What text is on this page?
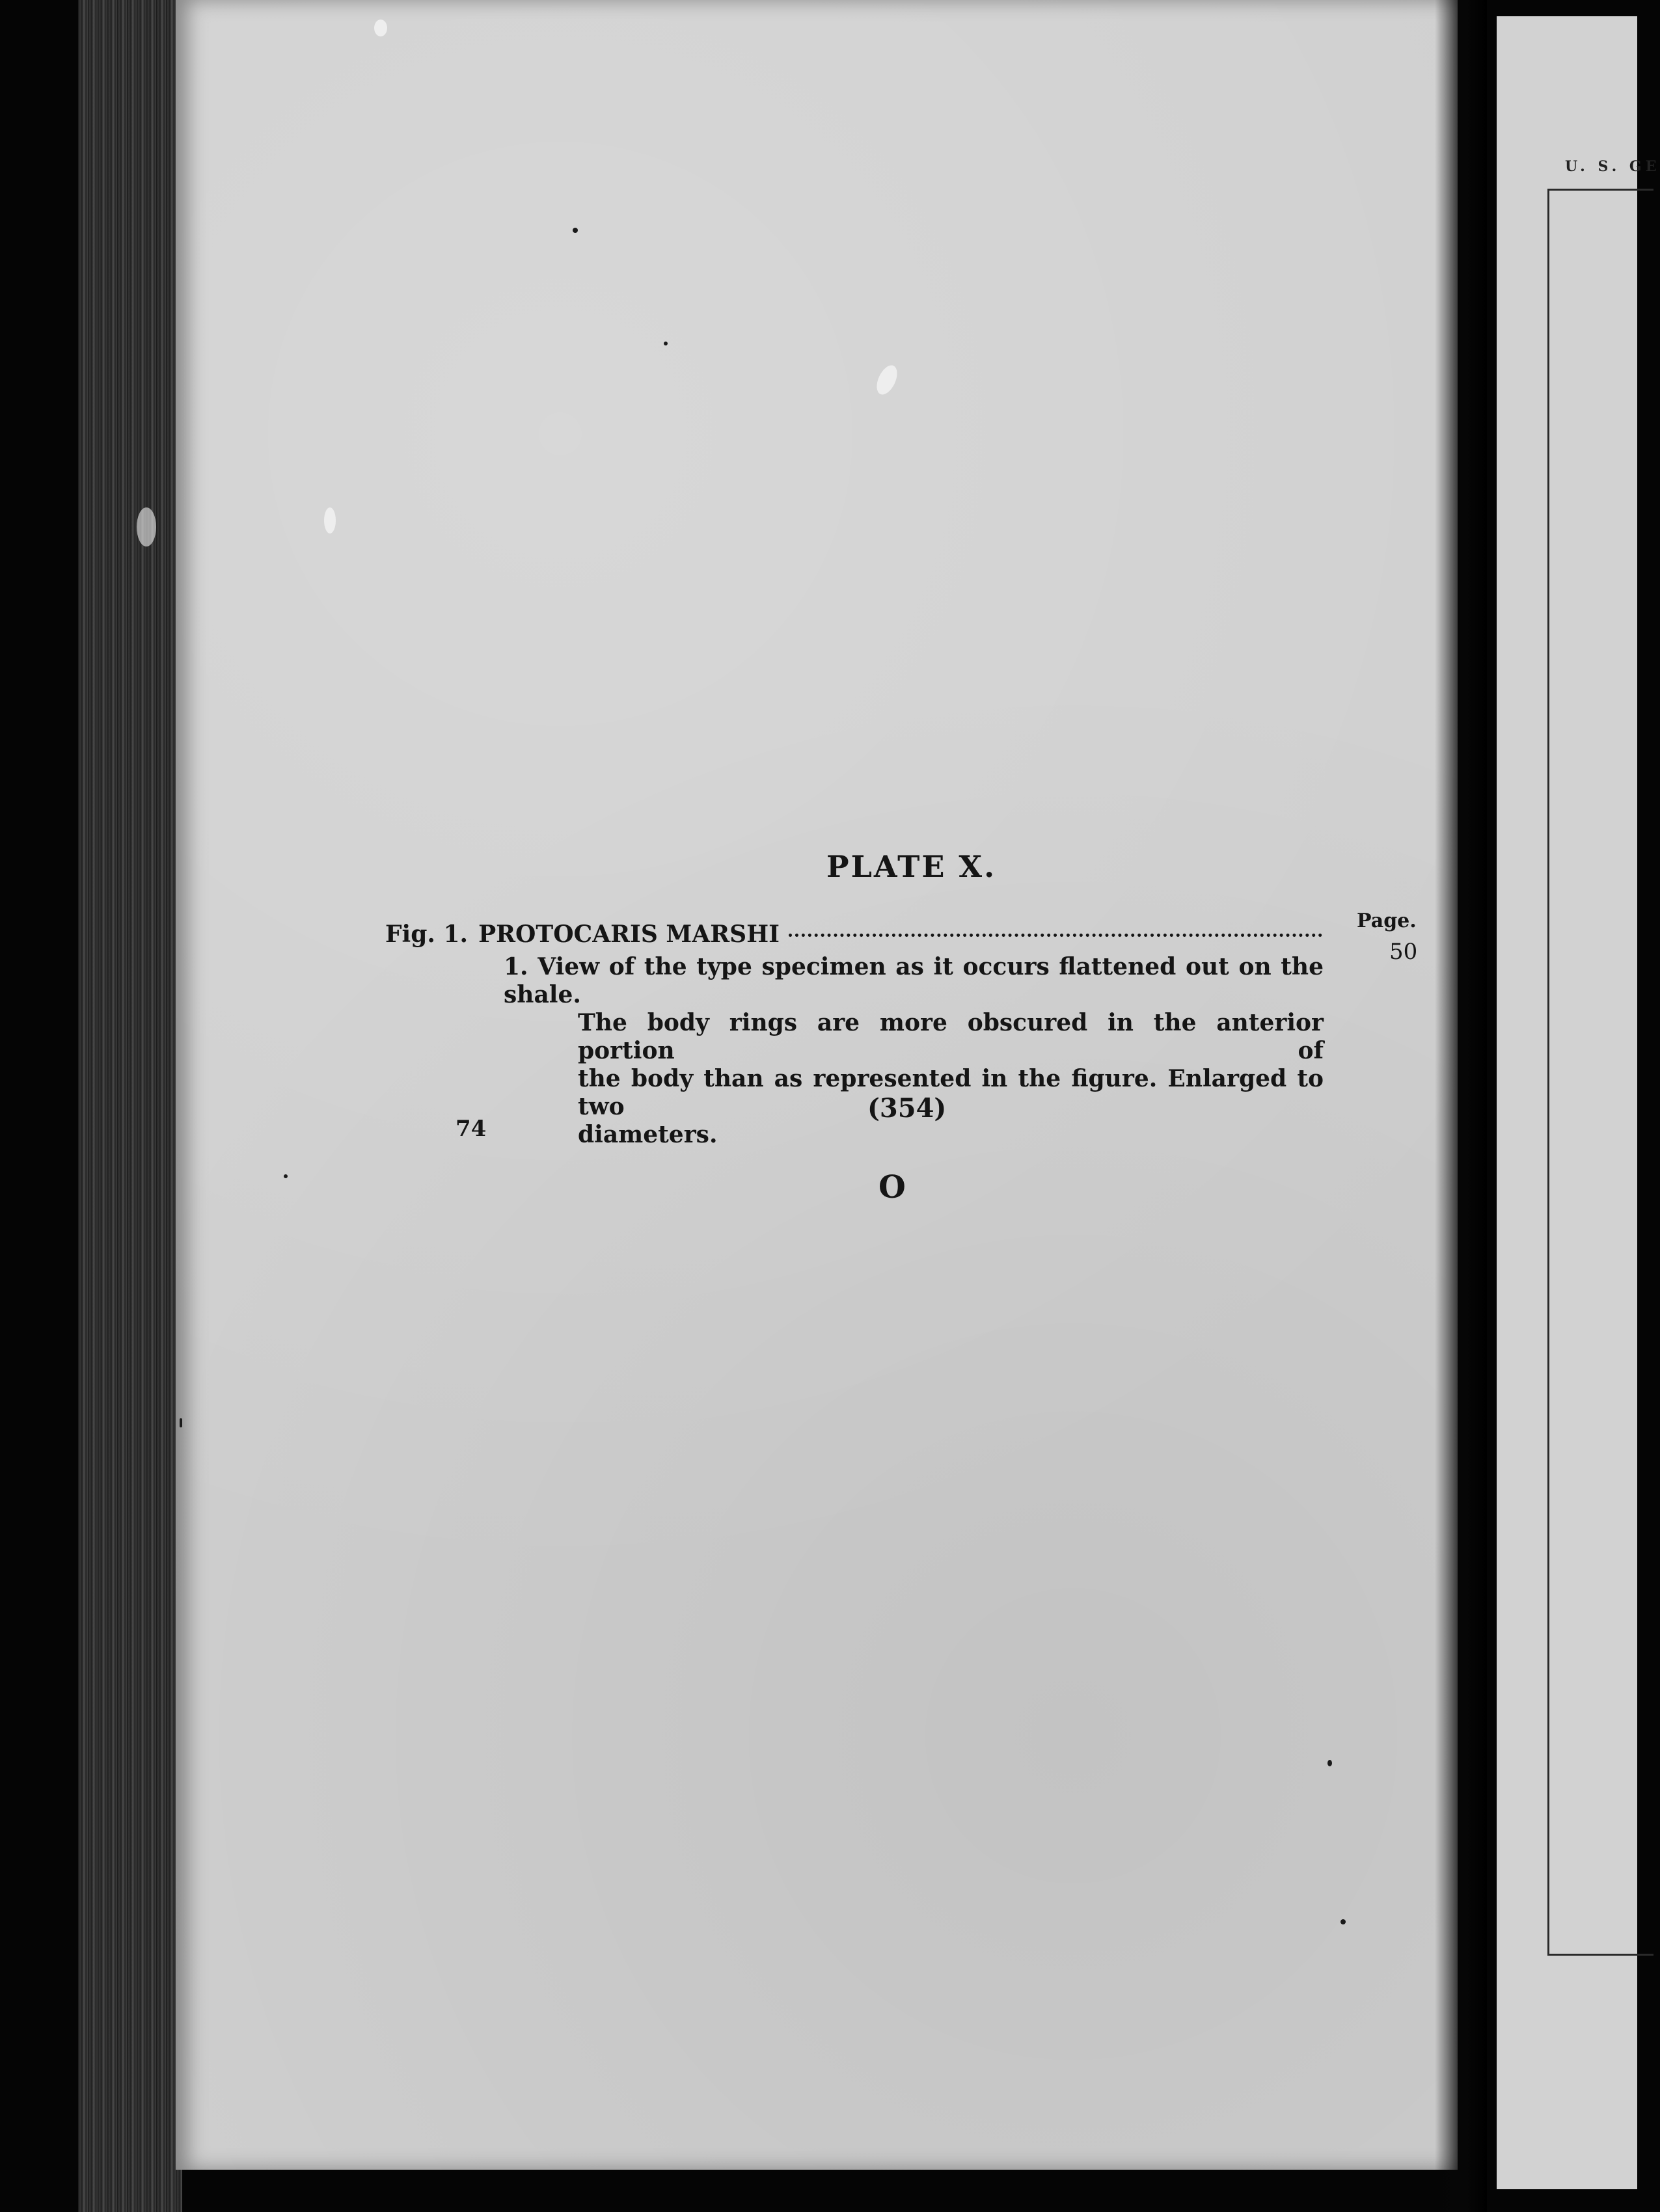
U. S. GE
PLATE X.
Page.
Fig. 1. PROTOCARIS MARSHI
50
1. View of the type specimen as it occurs flattened out on the shale.
The body rings are more obscured in the anterior portion of
the body than as represented in the figure. Enlarged to two
diameters.
(354)
74
O
